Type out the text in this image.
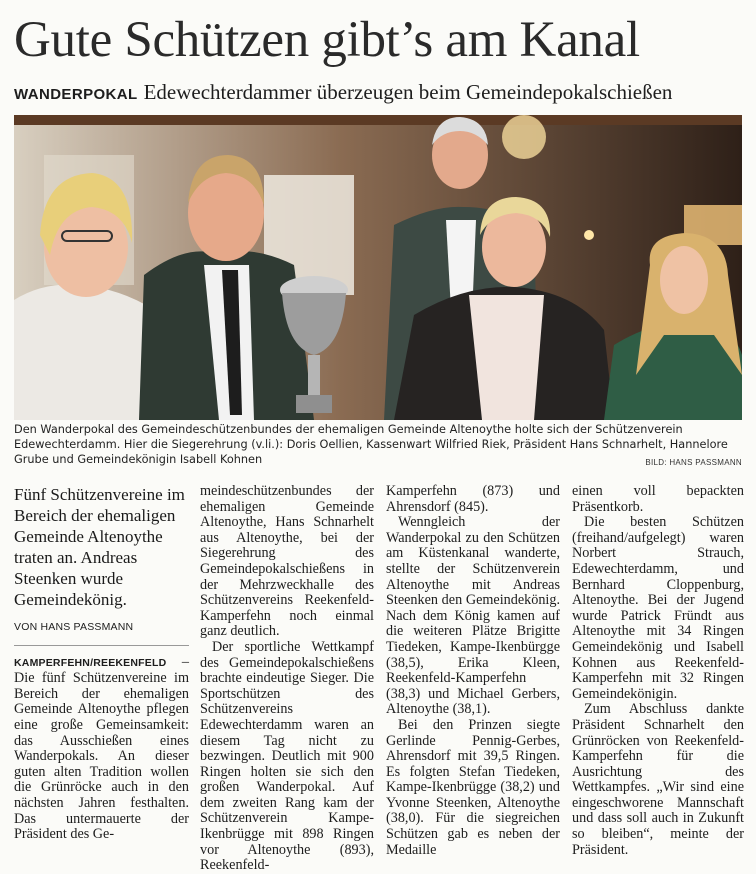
Gute Schützen gibt’s am Kanal
WANDERPOKAL Edewechterdammer überzeugen beim Gemeindepokalschießen
Den Wanderpokal des Gemeindeschützenbundes der ehemaligen Gemeinde Altenoythe holte sich der Schützenverein Edewechterdamm. Hier die Siegerehrung (v.li.): Doris Oellien, Kassenwart Wilfried Riek, Präsident Hans Schnarhelt, Hannelore Grube und Gemeindekönigin Isabell Kohnen	BILD: HANS PASSMANN
Fünf Schützenvereine im Bereich der ehemaligen Gemeinde Altenoythe traten an. Andreas Steenken wurde Gemeindekönig.
VON HANS PASSMANN

KAMPERFEHN/REEKENFELD – Die fünf Schützenvereine im Bereich der ehemaligen Gemeinde Altenoythe pflegen eine große Gemeinsamkeit: das Ausschießen eines Wanderpokals. An dieser guten alten Tradition wollen die Grünröcke auch in den nächsten Jahren festhalten. Das untermauerte der Präsident des Ge-

meindeschützenbundes der ehemaligen Gemeinde Altenoythe, Hans Schnarhelt aus Altenoythe, bei der Siegerehrung des Gemeindepokalschießens in der Mehrzweckhalle des Schützenvereins Reekenfeld-Kamperfehn noch einmal ganz deutlich.

Der sportliche Wettkampf des Gemeindepokalschießens brachte eindeutige Sieger. Die Sportschützen des Schützenvereins Edewechterdamm waren an diesem Tag nicht zu bezwingen. Deutlich mit 900 Ringen holten sie sich den großen Wanderpokal. Auf dem zweiten Rang kam der Schützenverein Kampe-Ikenbrügge mit 898 Ringen vor Altenoythe (893), Reekenfeld-

Kamperfehn (873) und Ahrensdorf (845).

Wenngleich der Wanderpokal zu den Schützen am Küstenkanal wanderte, stellte der Schützenverein Altenoythe mit Andreas Steenken den Gemeindekönig. Nach dem König kamen auf die weiteren Plätze Brigitte Tiedeken, Kampe-Ikenbürgge (38,5), Erika Kleen, Reekenfeld-Kamperfehn (38,3) und Michael Gerbers, Altenoythe (38,1).

Bei den Prinzen siegte Gerlinde Pennig-Gerbes, Ahrensdorf mit 39,5 Ringen. Es folgten Stefan Tiedeken, Kampe-Ikenbrügge (38,2) und Yvonne Steenken, Altenoythe (38,0). Für die siegreichen Schützen gab es neben der Medaille

einen voll bepackten Präsentkorb.

Die besten Schützen (freihand/aufgelegt) waren Norbert Strauch, Edewechterdamm, und Bernhard Cloppenburg, Altenoythe. Bei der Jugend wurde Patrick Fründt aus Altenoythe mit 34 Ringen Gemeindekönig und Isabell Kohnen aus Reekenfeld-Kamperfehn mit 32 Ringen Gemeindekönigin.

Zum Abschluss dankte Präsident Schnarhelt den Grünröcken von Reekenfeld-Kamperfehn für die Ausrichtung des Wettkampfes. „Wir sind eine eingeschworene Mannschaft und dass soll auch in Zukunft so bleiben“, meinte der Präsident.
